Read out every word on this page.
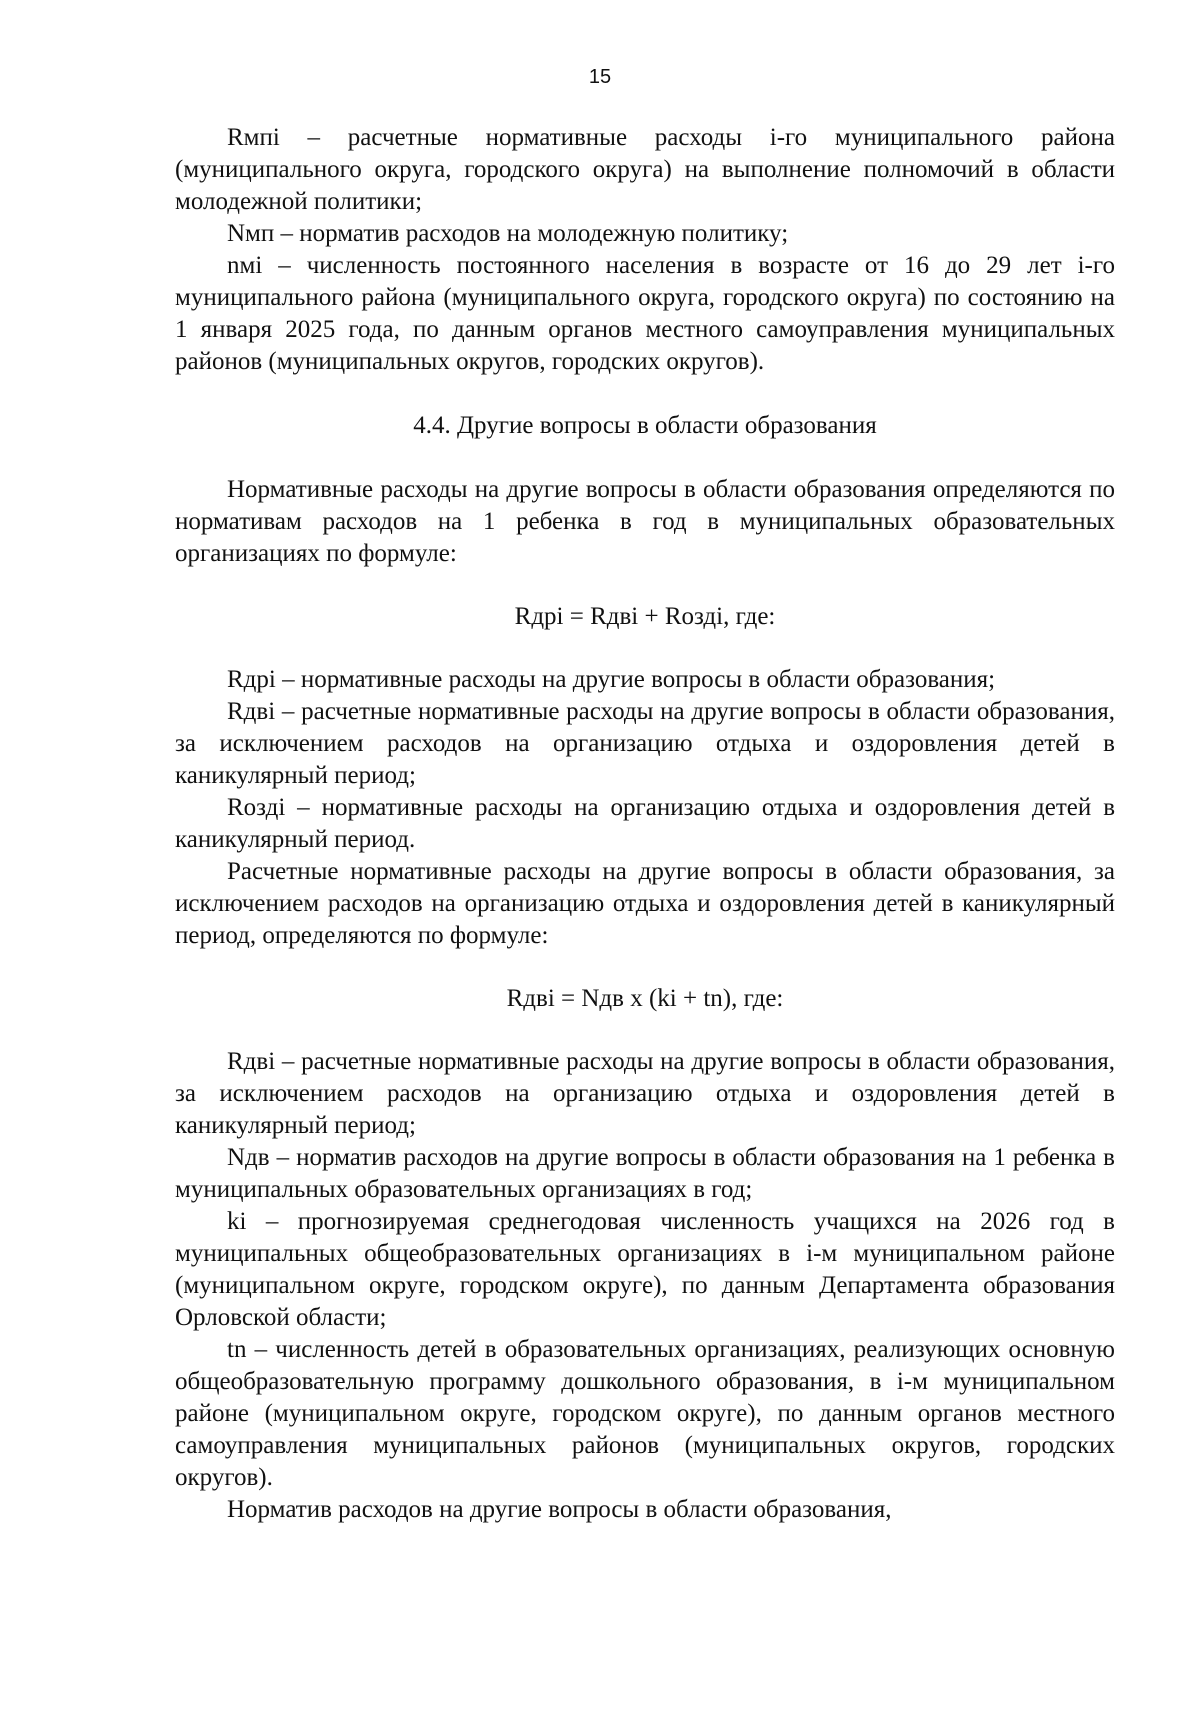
15

Rмпi – расчетные нормативные расходы i-го муниципального района (муниципального округа, городского округа) на выполнение полномочий в области молодежной политики;

Nмп – норматив расходов на молодежную политику;

nмi – численность постоянного населения в возрасте от 16 до 29 лет i-го муниципального района (муниципального округа, городского округа) по состоянию на 1 января 2025 года, по данным органов местного самоуправления муниципальных районов (муниципальных округов, городских округов).

4.4. Другие вопросы в области образования

Нормативные расходы на другие вопросы в области образования определяются по нормативам расходов на 1 ребенка в год в муниципальных образовательных организациях по формуле:

Rдрi = Rдвi + Rоздi, где:

Rдрi – нормативные расходы на другие вопросы в области образования;

Rдвi – расчетные нормативные расходы на другие вопросы в области образования, за исключением расходов на организацию отдыха и оздоровления детей в каникулярный период;

Rоздi – нормативные расходы на организацию отдыха и оздоровления детей в каникулярный период.

Расчетные нормативные расходы на другие вопросы в области образования, за исключением расходов на организацию отдыха и оздоровления детей в каникулярный период, определяются по формуле:

Rдвi = Nдв х (ki + tn), где:

Rдвi – расчетные нормативные расходы на другие вопросы в области образования, за исключением расходов на организацию отдыха и оздоровления детей в каникулярный период;

Nдв – норматив расходов на другие вопросы в области образования на 1 ребенка в муниципальных образовательных организациях в год;

ki – прогнозируемая среднегодовая численность учащихся на 2026 год в муниципальных общеобразовательных организациях в i-м муниципальном районе (муниципальном округе, городском округе), по данным Департамента образования Орловской области;

tn – численность детей в образовательных организациях, реализующих основную общеобразовательную программу дошкольного образования, в i-м муниципальном районе (муниципальном округе, городском округе), по данным органов местного самоуправления муниципальных районов (муниципальных округов, городских округов).

Норматив расходов на другие вопросы в области образования,
